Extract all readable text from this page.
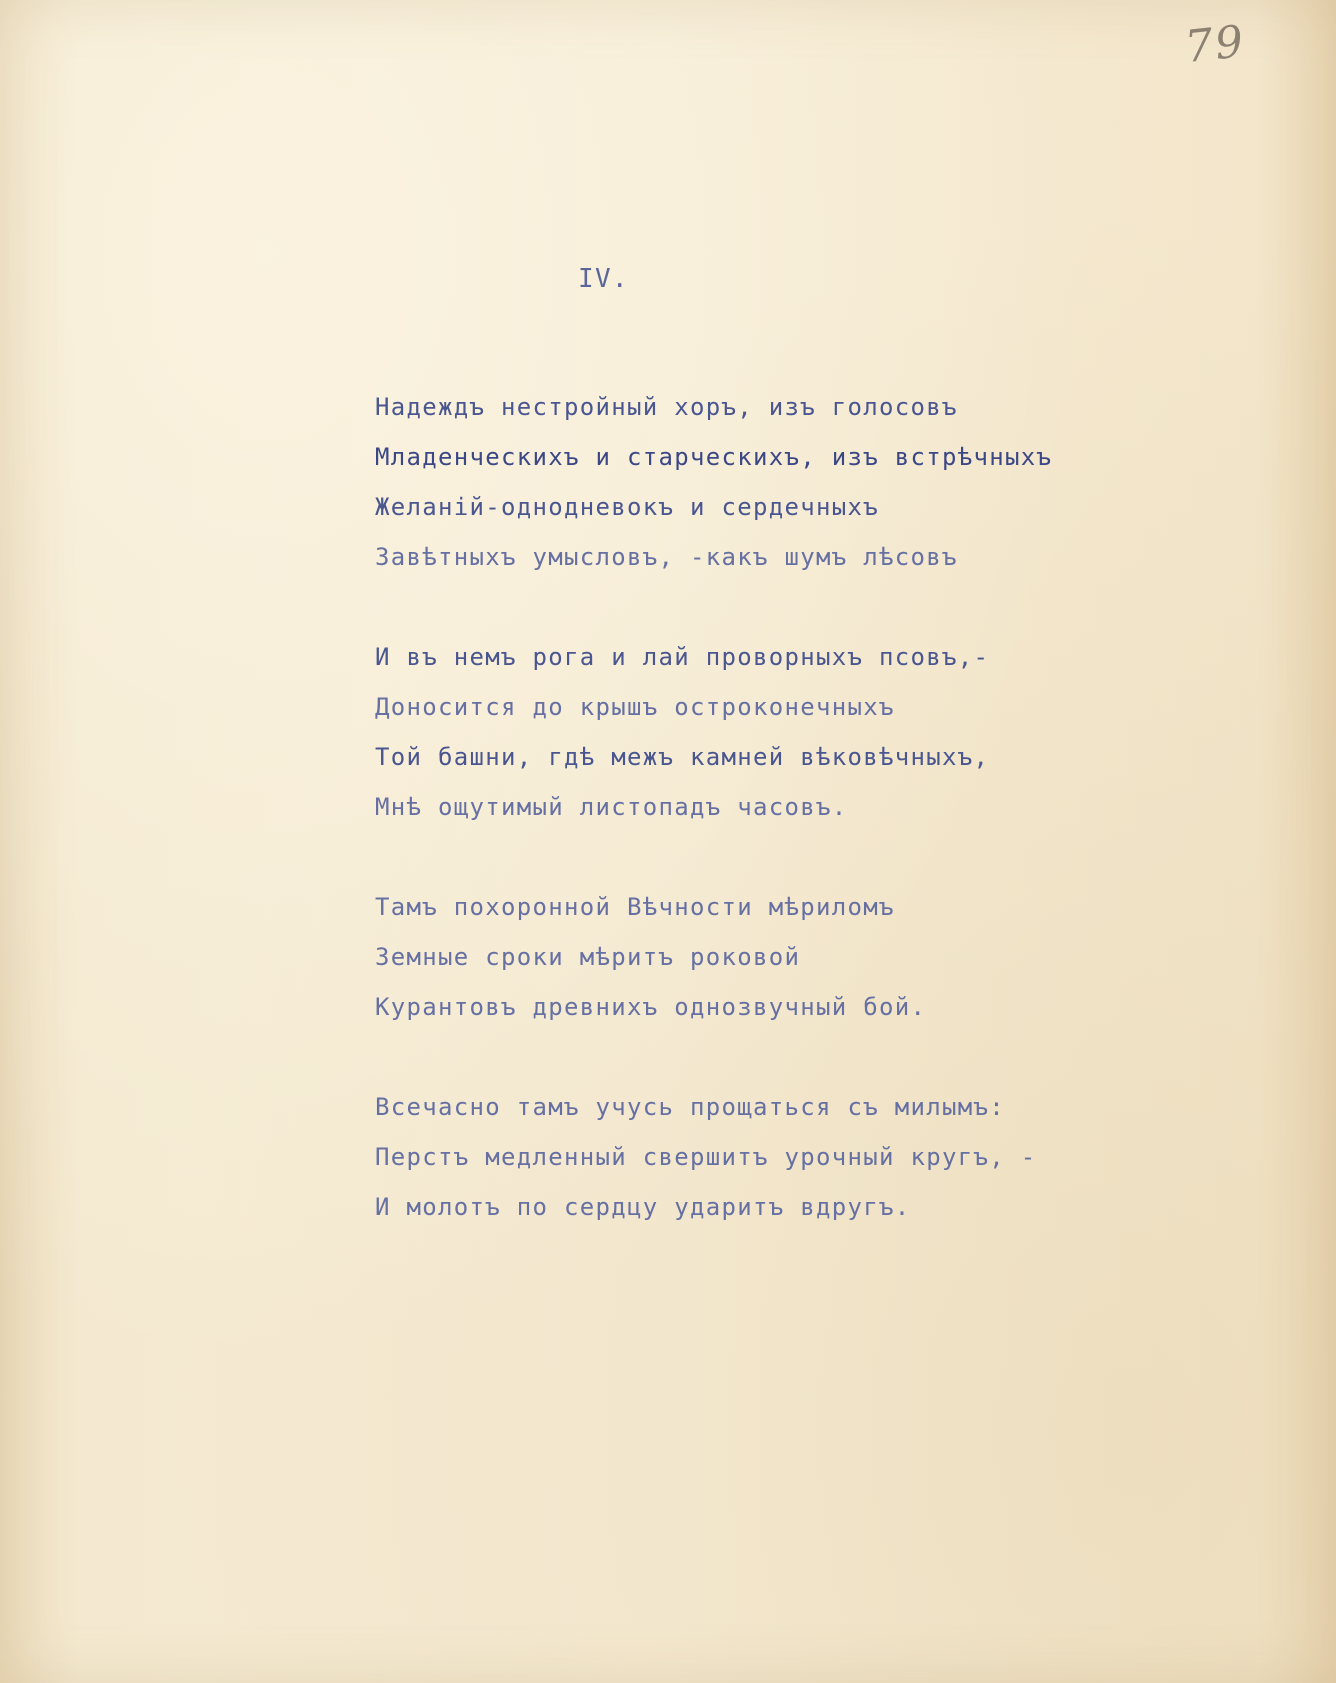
79
IV.
Надеждъ нестройный хоръ, изъ голосовъ
Младенческихъ и старческихъ, изъ встрѣчныхъ
Желаній-однодневокъ и сердечныхъ
Завѣтныхъ умысловъ, -какъ шумъ лѣсовъ
И въ немъ рога и лай проворныхъ псовъ,-
Доносится до крышъ остроконечныхъ
Той башни, гдѣ межъ камней вѣковѣчныхъ,
Мнѣ ощутимый листопадъ часовъ.
Тамъ похоронной Вѣчности мѣриломъ
Земные сроки мѣритъ роковой
Курантовъ древнихъ однозвучный бой.
Всечасно тамъ учусь прощаться съ милымъ:
Перстъ медленный свершитъ урочный кругъ, -
И молотъ по сердцу ударитъ вдругъ.
